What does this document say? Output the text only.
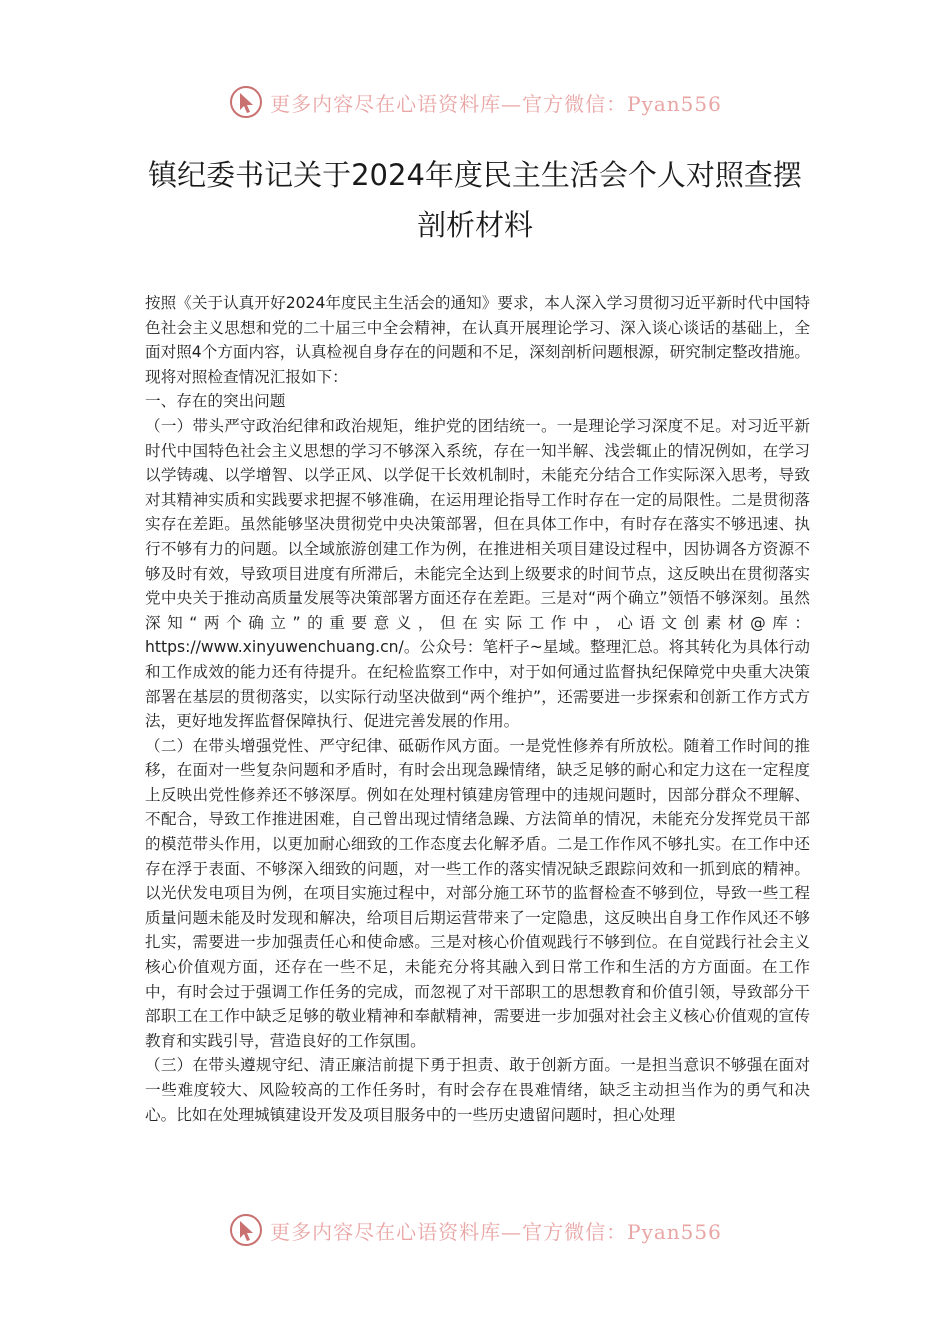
更多内容尽在心语资料库—官方微信：Pyan556
镇纪委书记关于2024年度民主生活会个人对照查摆
剖析材料

按照《关于认真开好2024年度民主生活会的通知》要求，本人深入学习贯彻习近平新时代中国特色社会主义思想和党的二十届三中全会精神，在认真开展理论学习、深入谈心谈话的基础上，全面对照4个方面内容，认真检视自身存在的问题和不足，深刻剖析问题根源，研究制定整改措施。现将对照检查情况汇报如下：

一、存在的突出问题

（一）带头严守政治纪律和政治规矩，维护党的团结统一。一是理论学习深度不足。对习近平新时代中国特色社会主义思想的学习不够深入系统，存在一知半解、浅尝辄止的情况例如，在学习以学铸魂、以学增智、以学正风、以学促干长效机制时，未能充分结合工作实际深入思考，导致对其精神实质和实践要求把握不够准确，在运用理论指导工作时存在一定的局限性。二是贯彻落实存在差距。虽然能够坚决贯彻党中央决策部署，但在具体工作中，有时存在落实不够迅速、执行不够有力的问题。以全域旅游创建工作为例，在推进相关项目建设过程中，因协调各方资源不够及时有效，导致项目进度有所滞后，未能完全达到上级要求的时间节点，这反映出在贯彻落实党中央关于推动高质量发展等决策部署方面还存在差距。三是对“两个确立”领悟不够深刻。虽然深知“两个确立”的重要意义，但在实际工作中，心语文创素材@库：https://www.xinyuwenchuang.cn/。公众号：笔杆子~星域。整理汇总。将其转化为具体行动和工作成效的能力还有待提升。在纪检监察工作中，对于如何通过监督执纪保障党中央重大决策部署在基层的贯彻落实，以实际行动坚决做到“两个维护”，还需要进一步探索和创新工作方式方法，更好地发挥监督保障执行、促进完善发展的作用。

（二）在带头增强党性、严守纪律、砥砺作风方面。一是党性修养有所放松。随着工作时间的推移，在面对一些复杂问题和矛盾时，有时会出现急躁情绪，缺乏足够的耐心和定力这在一定程度上反映出党性修养还不够深厚。例如在处理村镇建房管理中的违规问题时，因部分群众不理解、不配合，导致工作推进困难，自己曾出现过情绪急躁、方法简单的情况，未能充分发挥党员干部的模范带头作用，以更加耐心细致的工作态度去化解矛盾。二是工作作风不够扎实。在工作中还存在浮于表面、不够深入细致的问题，对一些工作的落实情况缺乏跟踪问效和一抓到底的精神。以光伏发电项目为例，在项目实施过程中，对部分施工环节的监督检查不够到位，导致一些工程质量问题未能及时发现和解决，给项目后期运营带来了一定隐患，这反映出自身工作作风还不够扎实，需要进一步加强责任心和使命感。三是对核心价值观践行不够到位。在自觉践行社会主义核心价值观方面，还存在一些不足，未能充分将其融入到日常工作和生活的方方面面。在工作中，有时会过于强调工作任务的完成，而忽视了对干部职工的思想教育和价值引领，导致部分干部职工在工作中缺乏足够的敬业精神和奉献精神，需要进一步加强对社会主义核心价值观的宣传教育和实践引导，营造良好的工作氛围。

（三）在带头遵规守纪、清正廉洁前提下勇于担责、敢于创新方面。一是担当意识不够强在面对一些难度较大、风险较高的工作任务时，有时会存在畏难情绪，缺乏主动担当作为的勇气和决心。比如在处理城镇建设开发及项目服务中的一些历史遗留问题时，担心处理

更多内容尽在心语资料库—官方微信：Pyan556
